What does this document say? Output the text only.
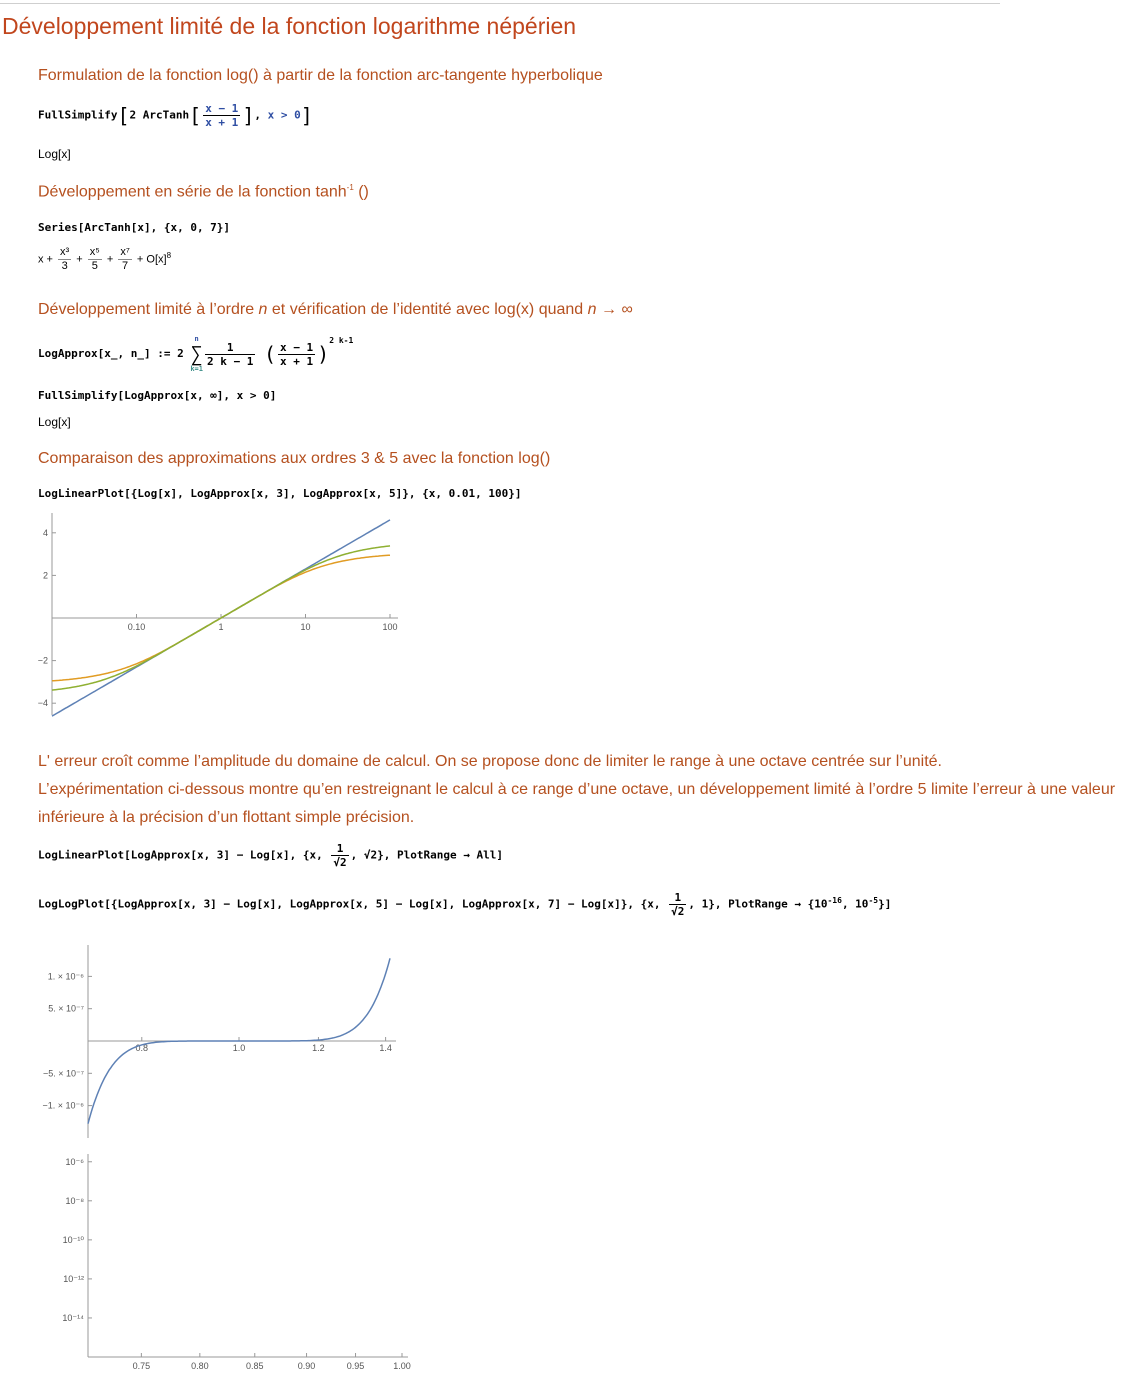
Développement limité de la fonction logarithme népérien
Formulation de la fonction log() à partir de la fonction arc-tangente hyperbolique
FullSimplify[2 ArcTanh[ $\frac{x - 1}{x + 1}$ ], x > 0]
Log[x]
Développement en série de la fonction $\tanh^{-1}$ ()
Series[ArcTanh[x], {x, 0, 7}]
$x + \frac{\text{x³}}{3} + \frac{\text{x⁵}}{5} + \frac{\text{x⁷}}{7} + O[x]^8$
Développement limité à l’ordre n et vérification de l’identité avec log(x) quand n → ∞
LogApprox[x_, n_] := 2
n
∑
k=1
$\frac{1}{2 k - 1}$ ( $\frac{x - 1}{x + 1} )^{2 k-1}$
FullSimplify[LogApprox[x, ∞], x > 0]
Log[x]
Comparaison des approximations aux ordres 3 & 5 avec la fonction log()
LogLinearPlot[{Log[x], LogApprox[x, 3], LogApprox[x, 5]}, {x, 0.01, 100}]
0.10	1	10	100
4
2
−2
−4
L' erreur croît comme l’amplitude du domaine de calcul. On se propose donc de limiter le range à une octave centrée sur l’unité.
L’expérimentation ci-dessous montre qu’en restreignant le calcul à ce range d’une octave, un développement limité à l’ordre 5 limite l’erreur à une valeur inférieure à la précision d’un flottant simple précision.
LogLinearPlot[LogApprox[x, 3] − Log[x], {x, $\frac{1}{√2}$ , √2}, PlotRange → All]
LogLogPlot[{LogApprox[x, 3] − Log[x], LogApprox[x, 5] − Log[x], LogApprox[x, 7] − Log[x]}, {x, $\frac{1}{√2}$ , 1}, PlotRange → {$10^{-16}$, $10^{-5}$}]
0.8	1.0	1.2	1.4
1. × 10⁻⁶
5. × 10⁻⁷
−5. × 10⁻⁷
−1. × 10⁻⁶
0.75	0.80	0.85	0.90	0.95	1.00
10⁻⁶
10⁻⁸
10⁻¹⁰
10⁻¹²
10⁻¹⁴
